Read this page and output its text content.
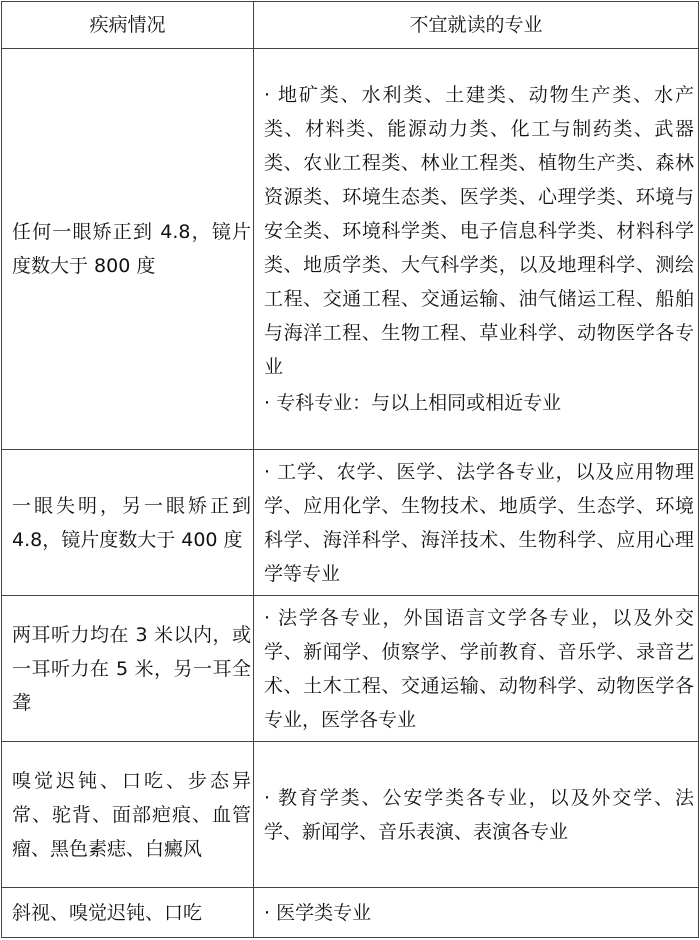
疾病情况	不宜就读的专业
任何一眼矫正到 4.8，镜片度数大于 800 度	· 地矿类、水利类、土建类、动物生产类、水产类、材料类、能源动力类、化工与制药类、武器类、农业工程类、林业工程类、植物生产类、森林资源类、环境生态类、医学类、心理学类、环境与安全类、环境科学类、电子信息科学类、材料科学类、地质学类、大气科学类，以及地理科学、测绘工程、交通工程、交通运输、油气储运工程、船舶与海洋工程、生物工程、草业科学、动物医学各专业
· 专科专业：与以上相同或相近专业

一眼失明，另一眼矫正到 4.8，镜片度数大于 400 度	· 工学、农学、医学、法学各专业，以及应用物理学、应用化学、生物技术、地质学、生态学、环境科学、海洋科学、海洋技术、生物科学、应用心理学等专业

两耳听力均在 3 米以内，或一耳听力在 5 米，另一耳全聋	· 法学各专业，外国语言文学各专业，以及外交学、新闻学、侦察学、学前教育、音乐学、录音艺术、土木工程、交通运输、动物科学、动物医学各专业，医学各专业

嗅觉迟钝、口吃、步态异常、驼背、面部疤痕、血管瘤、黑色素痣、白癜风	· 教育学类、公安学类各专业，以及外交学、法学、新闻学、音乐表演、表演各专业

斜视、嗅觉迟钝、口吃	· 医学类专业
